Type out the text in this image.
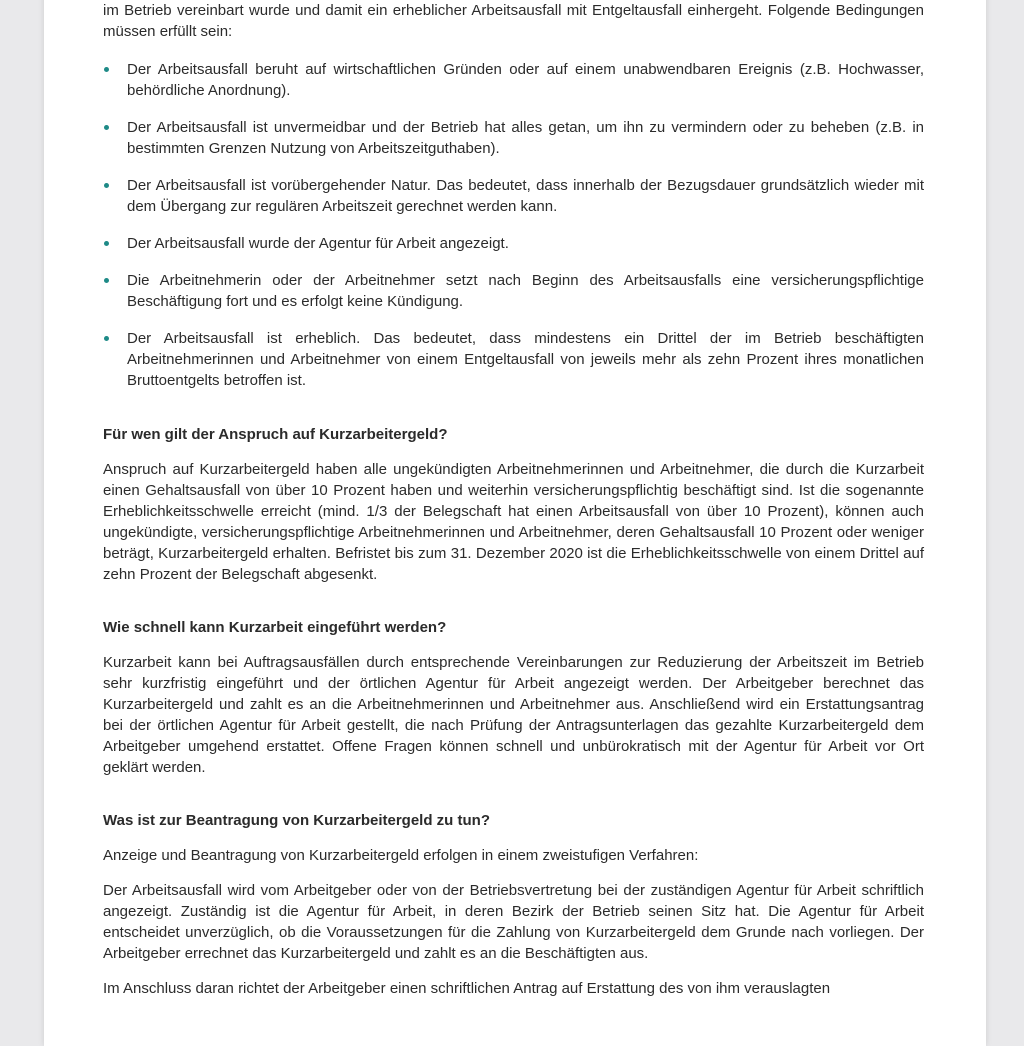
im Betrieb vereinbart wurde und damit ein erheblicher Arbeitsausfall mit Entgeltausfall einhergeht. Folgende Bedingungen müssen erfüllt sein:

Der Arbeitsausfall beruht auf wirtschaftlichen Gründen oder auf einem unabwendbaren Ereignis (z.B. Hochwasser, behördliche Anordnung).
Der Arbeitsausfall ist unvermeidbar und der Betrieb hat alles getan, um ihn zu vermindern oder zu beheben (z.B. in bestimmten Grenzen Nutzung von Arbeitszeitguthaben).
Der Arbeitsausfall ist vorübergehender Natur. Das bedeutet, dass innerhalb der Bezugsdauer grundsätzlich wieder mit dem Übergang zur regulären Arbeitszeit gerechnet werden kann.
Der Arbeitsausfall wurde der Agentur für Arbeit angezeigt.
Die Arbeitnehmerin oder der Arbeitnehmer setzt nach Beginn des Arbeitsausfalls eine versicherungspflichtige Beschäftigung fort und es erfolgt keine Kündigung.
Der Arbeitsausfall ist erheblich. Das bedeutet, dass mindestens ein Drittel der im Betrieb beschäftigten Arbeitnehmerinnen und Arbeitnehmer von einem Entgeltausfall von jeweils mehr als zehn Prozent ihres monatlichen Bruttoentgelts betroffen ist.
Für wen gilt der Anspruch auf Kurzarbeitergeld?

Anspruch auf Kurzarbeitergeld haben alle ungekündigten Arbeitnehmerinnen und Arbeitnehmer, die durch die Kurzarbeit einen Gehaltsausfall von über 10 Prozent haben und weiterhin versicherungspflichtig beschäftigt sind. Ist die sogenannte Erheblichkeitsschwelle erreicht (mind. 1/3 der Belegschaft hat einen Arbeitsausfall von über 10 Prozent), können auch ungekündigte, versicherungspflichtige Arbeitnehmerinnen und Arbeitnehmer, deren Gehaltsausfall 10 Prozent oder weniger beträgt, Kurzarbeitergeld erhalten. Befristet bis zum 31. Dezember 2020 ist die Erheblichkeitsschwelle von einem Drittel auf zehn Prozent der Belegschaft abgesenkt.

Wie schnell kann Kurzarbeit eingeführt werden?

Kurzarbeit kann bei Auftragsausfällen durch entsprechende Vereinbarungen zur Reduzierung der Arbeitszeit im Betrieb sehr kurzfristig eingeführt und der örtlichen Agentur für Arbeit angezeigt werden. Der Arbeitgeber berechnet das Kurzarbeitergeld und zahlt es an die Arbeitnehmerinnen und Arbeitnehmer aus. Anschließend wird ein Erstattungsantrag bei der örtlichen Agentur für Arbeit gestellt, die nach Prüfung der Antragsunterlagen das gezahlte Kurzarbeitergeld dem Arbeitgeber umgehend erstattet. Offene Fragen können schnell und unbürokratisch mit der Agentur für Arbeit vor Ort geklärt werden.

Was ist zur Beantragung von Kurzarbeitergeld zu tun?

Anzeige und Beantragung von Kurzarbeitergeld erfolgen in einem zweistufigen Verfahren:

Der Arbeitsausfall wird vom Arbeitgeber oder von der Betriebsvertretung bei der zuständigen Agentur für Arbeit schriftlich angezeigt. Zuständig ist die Agentur für Arbeit, in deren Bezirk der Betrieb seinen Sitz hat. Die Agentur für Arbeit entscheidet unverzüglich, ob die Voraussetzungen für die Zahlung von Kurzarbeitergeld dem Grunde nach vorliegen. Der Arbeitgeber errechnet das Kurzarbeitergeld und zahlt es an die Beschäftigten aus.

Im Anschluss daran richtet der Arbeitgeber einen schriftlichen Antrag auf Erstattung des von ihm verauslagten
